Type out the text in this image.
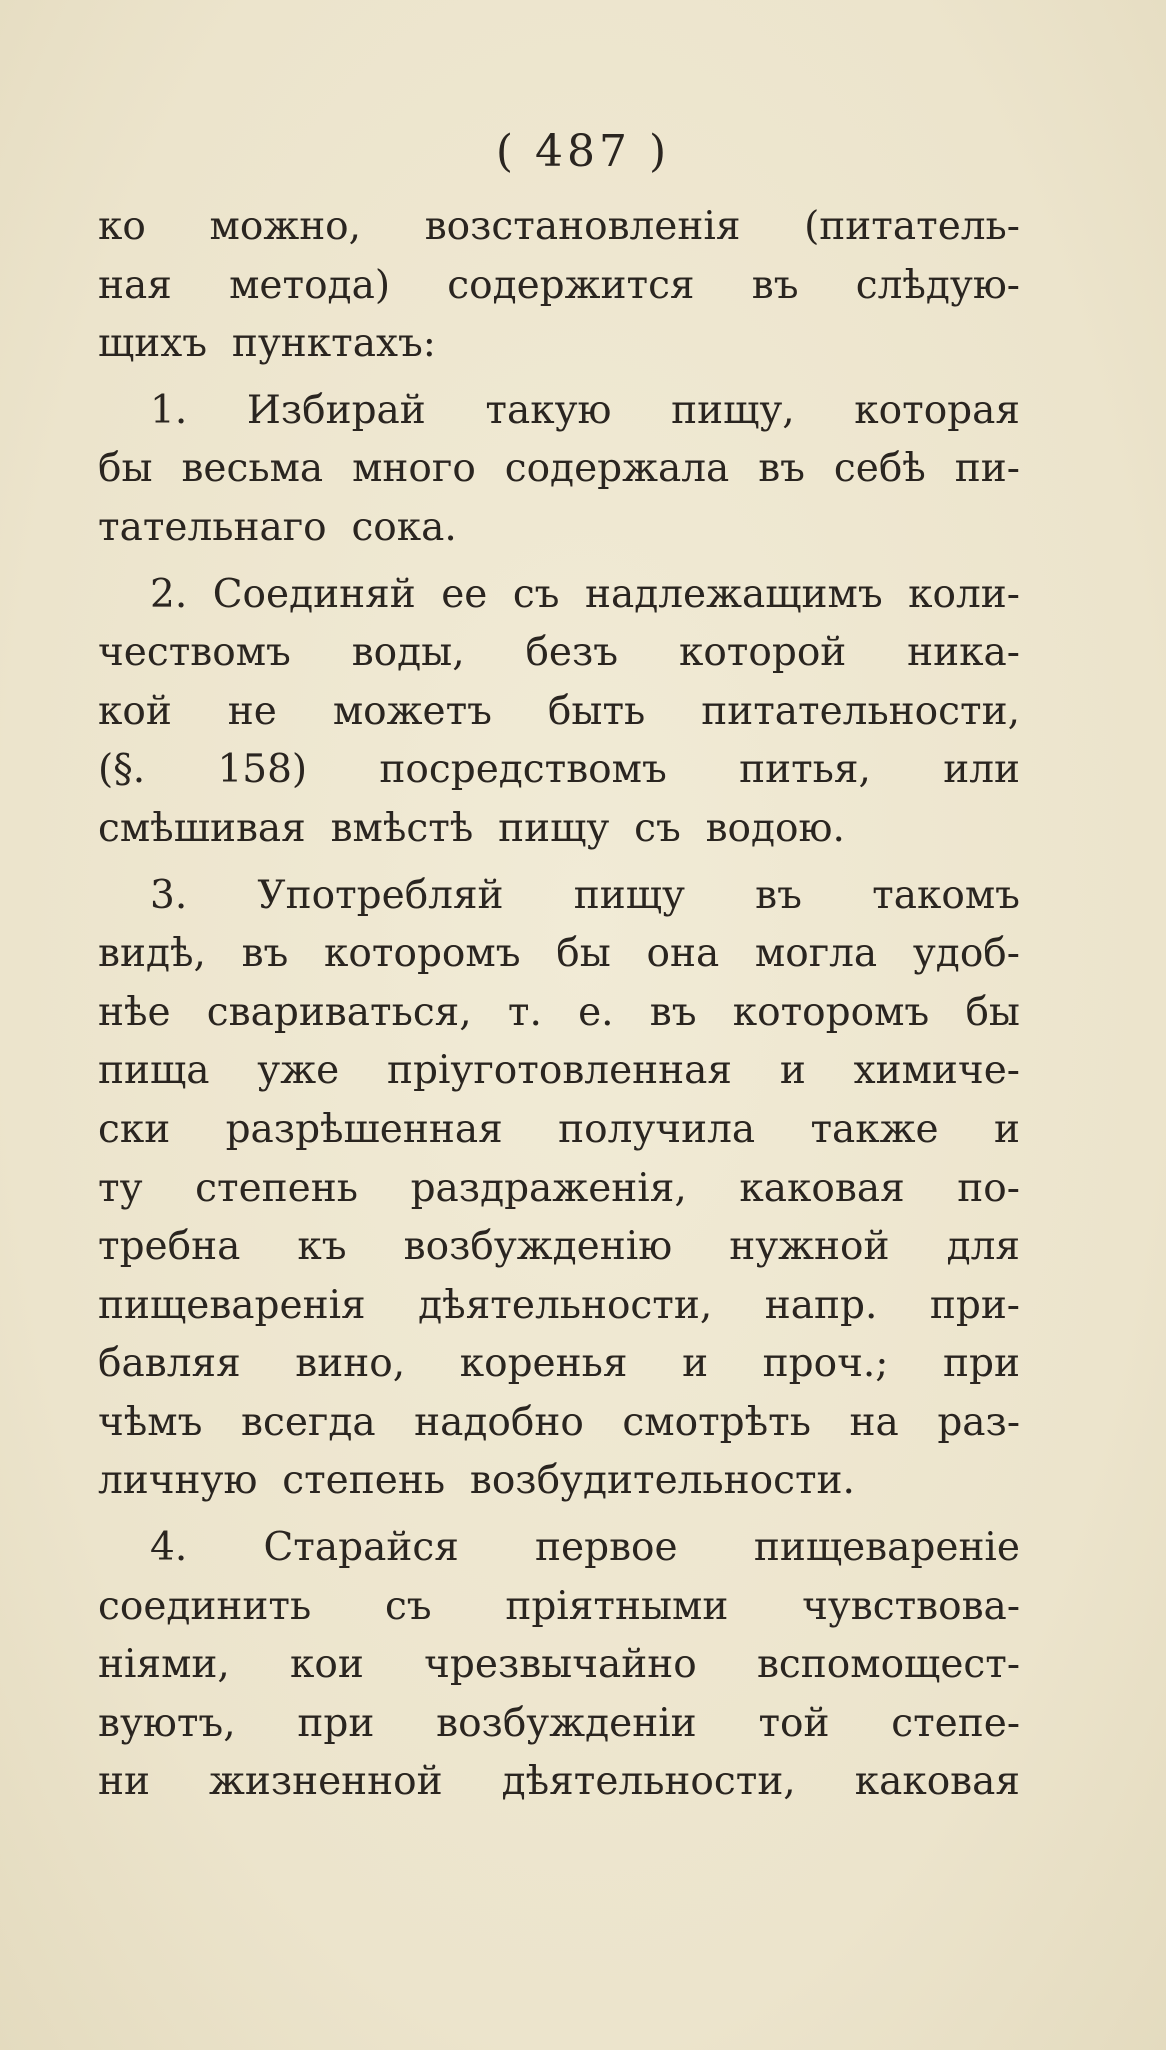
( 487 )
ко можно, возстановленія (питатель-
ная метода) содержится въ слѣдую-
щихъ
пунктахъ:
1. Избирай такую пищу, которая
бы весьма много содержала въ себѣ пи-
тательнаго
сока.
2. Соединяй ее съ надлежащимъ коли-
чествомъ воды, безъ которой ника-
кой не можетъ быть питательности,
(§. 158) посредствомъ питья, или
смѣшивая
вмѣстѣ
пищу
съ
водою.
3. Употребляй пищу въ такомъ
видѣ, въ которомъ бы она могла удоб-
нѣе свариваться, т. е. въ которомъ бы
пища уже пріуготовленная и химиче-
ски разрѣшенная получила также и
ту степень раздраженія, каковая по-
требна къ возбужденію нужной для
пищеваренія дѣятельности, напр. при-
бавляя вино, коренья и проч.; при
чѣмъ всегда надобно смотрѣть на раз-
личную
степень
возбудительности.
4. Старайся первое пищевареніе
соединить съ пріятными чувствова-
ніями, кои чрезвычайно вспомощест-
вуютъ, при возбужденіи той степе-
ни жизненной дѣятельности, каковая
